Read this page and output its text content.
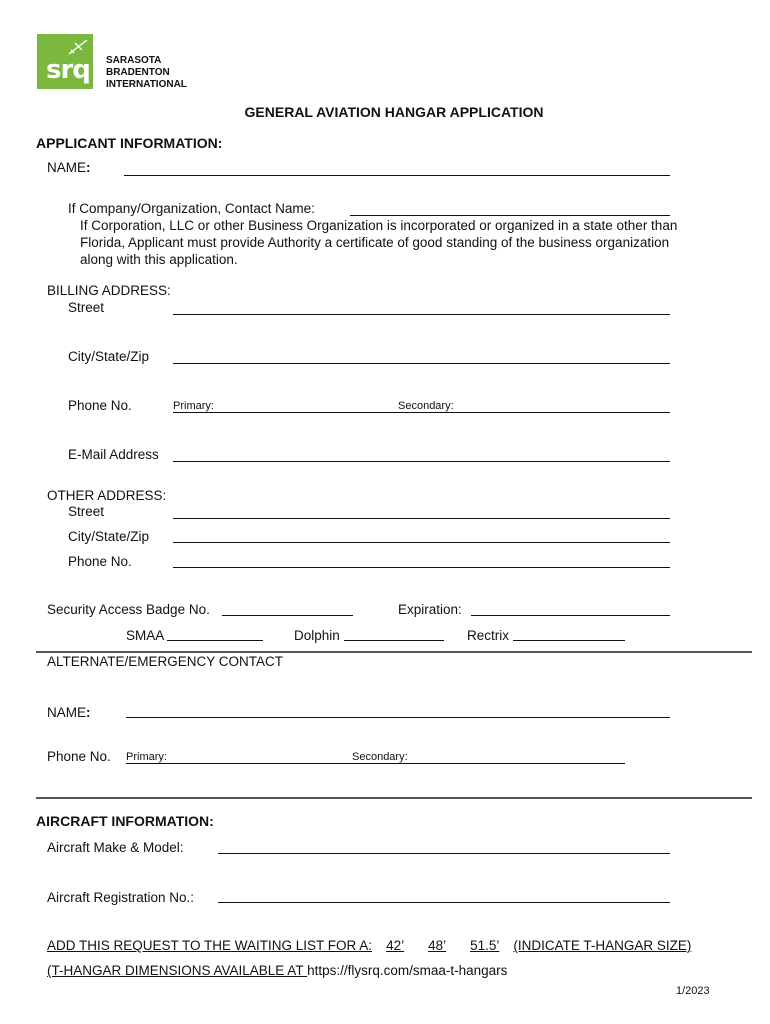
srq SARASOTA
BRADENTON
INTERNATIONAL
GENERAL AVIATION HANGAR APPLICATION
APPLICANT INFORMATION:
NAME:
If Company/Organization, Contact Name:
If Corporation, LLC or other Business Organization is incorporated or organized in a state other than
Florida, Applicant must provide Authority a certificate of good standing of the business organization
along with this application.
BILLING ADDRESS:
Street
City/State/Zip
Phone No.	Primary:	Secondary:
E-Mail Address
OTHER ADDRESS:
Street
City/State/Zip
Phone No.
Security Access Badge No.	Expiration:
SMAA	Dolphin	Rectrix
ALTERNATE/EMERGENCY CONTACT
NAME:
Phone No. Primary:	Secondary:
AIRCRAFT INFORMATION:
Aircraft Make & Model:
Aircraft Registration No.:
ADD THIS REQUEST TO THE WAITING LIST FOR A: 42’ 48’ 51.5’ (INDICATE T-HANGAR SIZE)
(T-HANGAR DIMENSIONS AVAILABLE AT https://flysrq.com/smaa-t-hangars
1/2023
